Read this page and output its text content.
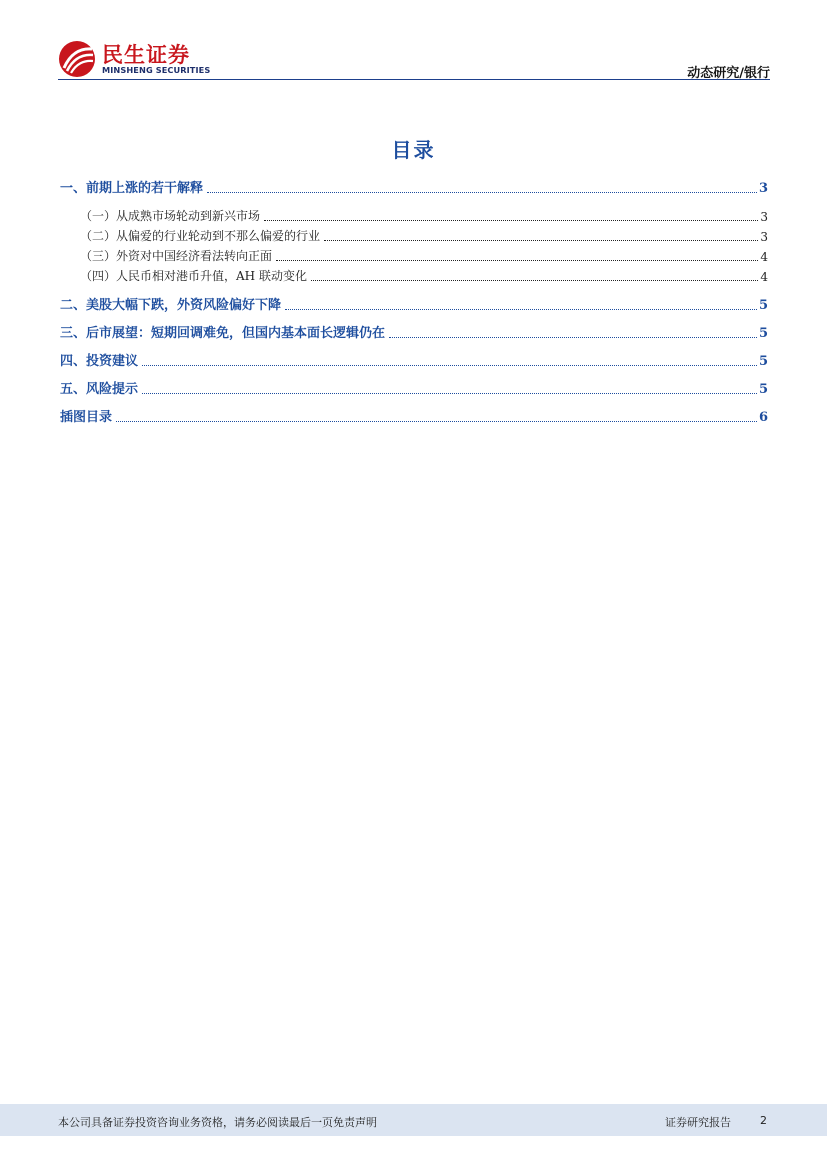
民生证券
MINSHENG SECURITIES	动态研究/银行
目录
一、前期上涨的若干解释	3
（一）从成熟市场轮动到新兴市场	3
（二）从偏爱的行业轮动到不那么偏爱的行业	3
（三）外资对中国经济看法转向正面	4
（四）人民币相对港币升值，AH 联动变化	4
二、美股大幅下跌，外资风险偏好下降	5
三、后市展望：短期回调难免，但国内基本面长逻辑仍在	5
四、投资建议	5
五、风险提示	5
插图目录	6
本公司具备证券投资咨询业务资格，请务必阅读最后一页免责声明	证券研究报告	2
